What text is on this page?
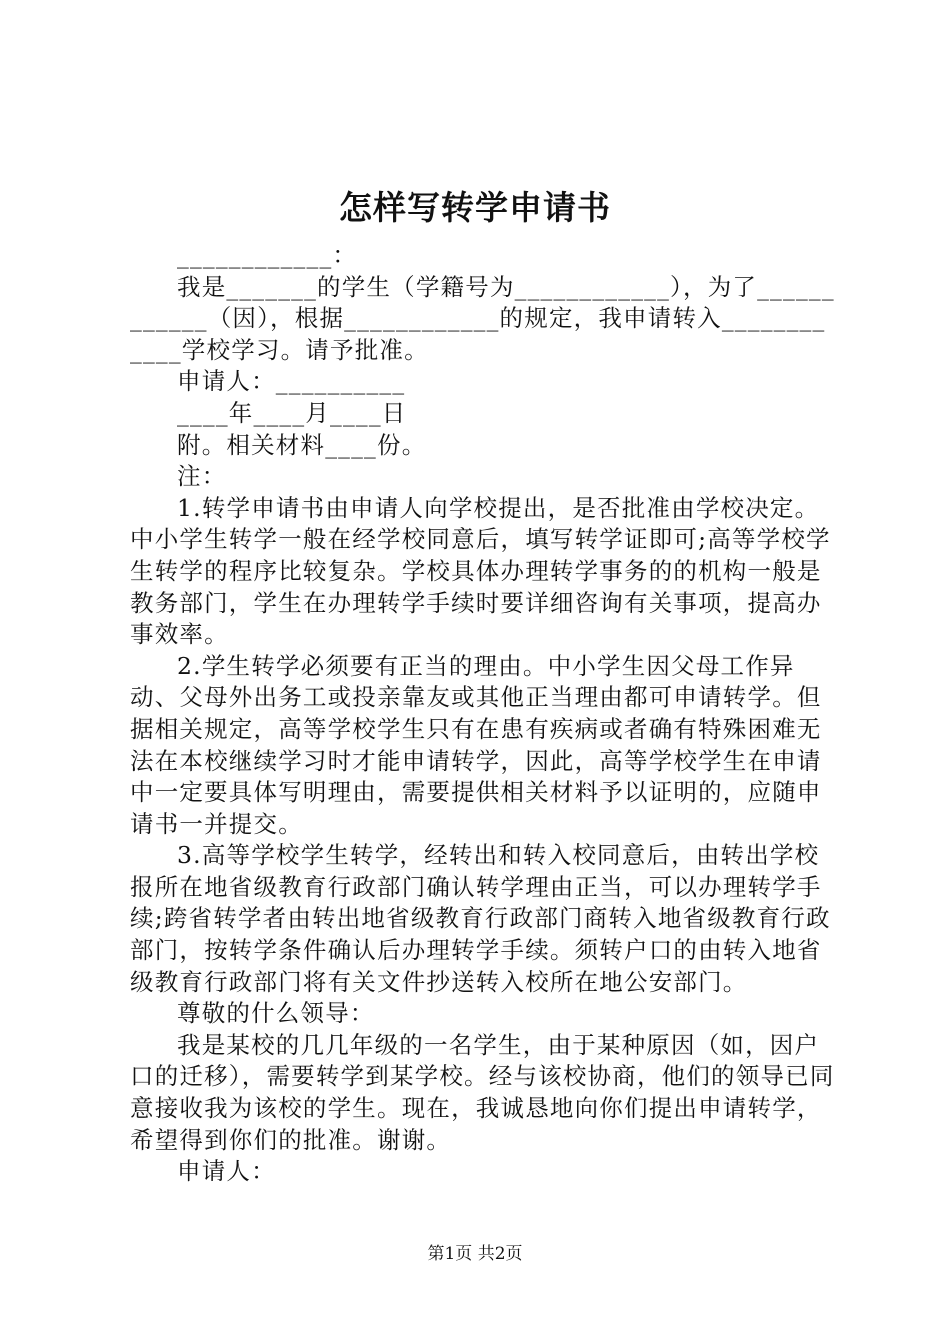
怎样写转学申请书

____________：

我是_______的学生（学籍号为____________），为了____________（因），根据____________的规定，我申请转入____________学校学习。请予批准。

申请人：__________

____年____月____日

附。相关材料____份。

注：

1.转学申请书由申请人向学校提出，是否批准由学校决定。中小学生转学一般在经学校同意后，填写转学证即可;高等学校学生转学的程序比较复杂。学校具体办理转学事务的的机构一般是教务部门，学生在办理转学手续时要详细咨询有关事项，提高办事效率。

2.学生转学必须要有正当的理由。中小学生因父母工作异动、父母外出务工或投亲靠友或其他正当理由都可申请转学。但据相关规定，高等学校学生只有在患有疾病或者确有特殊困难无法在本校继续学习时才能申请转学，因此，高等学校学生在申请中一定要具体写明理由，需要提供相关材料予以证明的，应随申请书一并提交。

3.高等学校学生转学，经转出和转入校同意后，由转出学校报所在地省级教育行政部门确认转学理由正当，可以办理转学手续;跨省转学者由转出地省级教育行政部门商转入地省级教育行政部门，按转学条件确认后办理转学手续。须转户口的由转入地省级教育行政部门将有关文件抄送转入校所在地公安部门。

尊敬的什么领导：

我是某校的几几年级的一名学生，由于某种原因（如，因户口的迁移），需要转学到某学校。经与该校协商，他们的领导已同意接收我为该校的学生。现在，我诚恳地向你们提出申请转学，希望得到你们的批准。谢谢。

申请人：

第1页 共2页
